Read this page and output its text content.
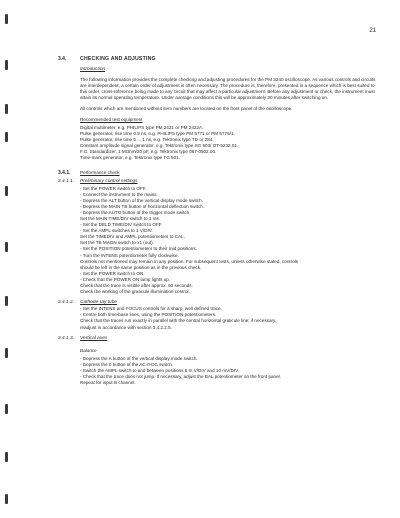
21
3.4.	CHECKING AND ADJUSTING
Introduction

The following information provides the complete checking and adjusting procedures for the PM 3240 oscilloscope. As various controls and circuits are interdependent, a certain order of adjustment is often necessary. The procedure is, therefore, presented in a sequence which is best suited to this order, cross-reference being made to any circuit that may affect a particular adjustment. Before any adjustment or check, the instrument must attain its normal operating temperature. Under average conditions this will be approximately 30 minutes after switching on.

All controls which are mentioned without item numbers are located on the front panel of the oscilloscope.

Recommended test equipment
Digital multimeter, e.g. PHILIPS type PM 2421 or PM 2422A.
Pulse generator, rise time 0.8 ns, e.g. PHILIPS type PM 5771 or PM 5776/1.
Pulse generator, rise time 5 ... 1 ns, e.g. Tektronix type TD or 284.
Constant amplitude signal generator, e.g. Tektronix type SG 503/ OT-5232.01.
F.G. Standardizer, 1 MOhm/20 pF, e.g. Tektronix type 067-0502.00.
Time-mark generator, e.g. Tektronix type TG 501.
3.4.1.	Performance check
3.4.1.1.	Preliminary control settings
- Set the POWER switch to OFF.
- Connect the instrument to the mains.
- Depress the ALT button of the vertical display mode switch.
- Depress the MAIN TB button of horizontal deflection switch.
- Depress the AUTO button of the trigger mode switch.
Set the MAIN TIME/DIV switch to 1 ms.
- Set the DELD TIME/DIV switch to OFF.
- Set the AMPL switches to 1 V/DIV.
Set the TIMEDIV and AMPL potentiometers to CAL.
Set the TB MAGN switch to x1 (out).
- Set the POSITION potentiometers to their mid positions.
- Turn the INTENS potentiometer fully clockwise.
Controls not mentioned may remain in any position. For subsequent tests, unless otherwise stated, controls
should be left in the same position as in the previous check.
- Set the POWER switch to ON.
- Check that the POWER ON lamp lights up.
Check that the trace is visible after approx. 60 seconds.
Check the working of the graticule illumination control.
3.4.1.2.	Cathode-ray tube
- Set the INTENS and FOCUS controls for a sharp, well defined trace.
- Centre both time-base lines, using the POSITION potentiometers.
Check that the traces run exactly in parallel with the central horizontal graticule line; if necessary,
readjust in accordance with section 3.4.2.2.5.
3.4.1.3.	Vertical axes
Balance
- Depress the A button of the vertical display mode switch.
- Depress the 0 button of the AC-0-DC switch.
- Switch the AMPL switch to and between positions 5 m V/DIV and 10 mV/DIV.
- Check that the trace does not jump. If necessary, adjust the BAL potentiometer on the front panel.
Repeat for input B channel.
